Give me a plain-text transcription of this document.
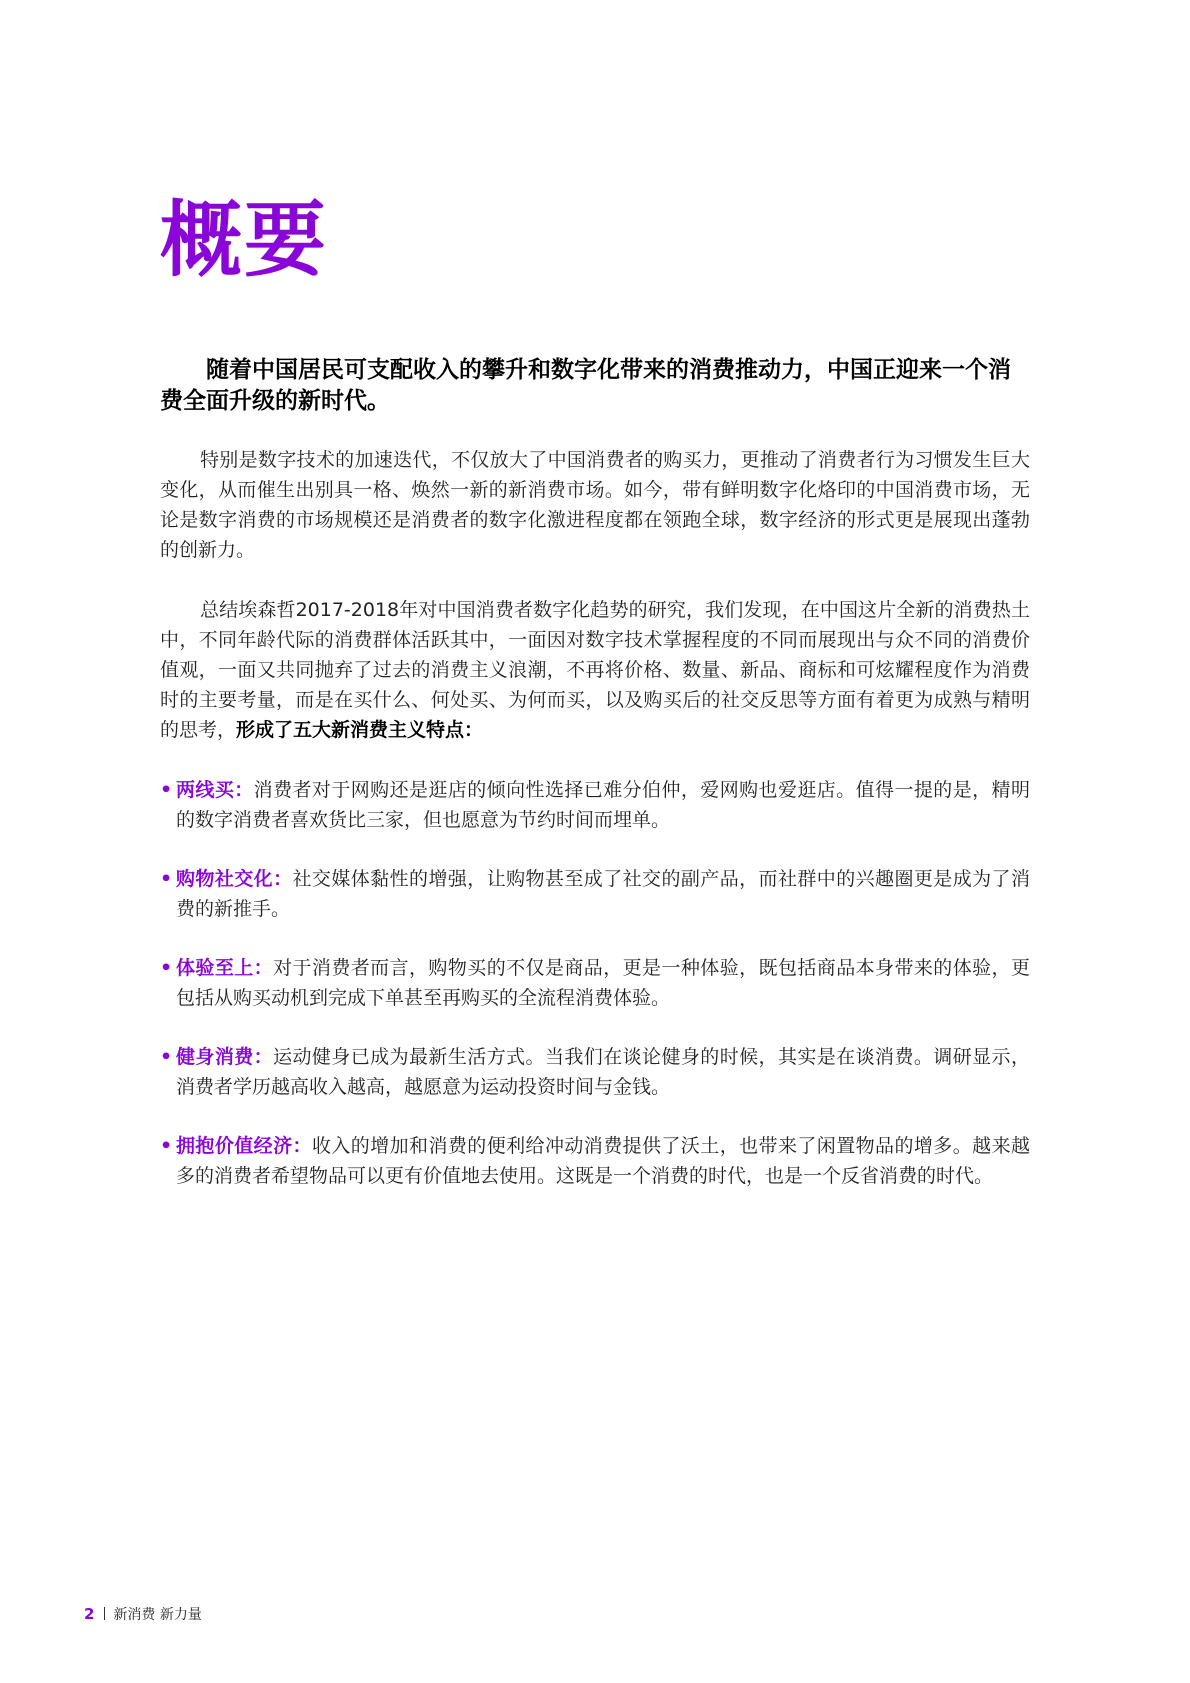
概要

随着中国居民可支配收入的攀升和数字化带来的消费推动力，中国正迎来一个消费全面升级的新时代。

特别是数字技术的加速迭代，不仅放大了中国消费者的购买力，更推动了消费者行为习惯发生巨大变化，从而催生出别具一格、焕然一新的新消费市场。如今，带有鲜明数字化烙印的中国消费市场，无论是数字消费的市场规模还是消费者的数字化激进程度都在领跑全球，数字经济的形式更是展现出蓬勃的创新力。

总结埃森哲2017-2018年对中国消费者数字化趋势的研究，我们发现，在中国这片全新的消费热土中，不同年龄代际的消费群体活跃其中，一面因对数字技术掌握程度的不同而展现出与众不同的消费价值观，一面又共同抛弃了过去的消费主义浪潮，不再将价格、数量、新品、商标和可炫耀程度作为消费时的主要考量，而是在买什么、何处买、为何而买，以及购买后的社交反思等方面有着更为成熟与精明的思考，形成了五大新消费主义特点：

• 两线买：消费者对于网购还是逛店的倾向性选择已难分伯仲，爱网购也爱逛店。值得一提的是，精明的数字消费者喜欢货比三家，但也愿意为节约时间而埋单。
• 购物社交化：社交媒体黏性的增强，让购物甚至成了社交的副产品，而社群中的兴趣圈更是成为了消费的新推手。
• 体验至上：对于消费者而言，购物买的不仅是商品，更是一种体验，既包括商品本身带来的体验，更包括从购买动机到完成下单甚至再购买的全流程消费体验。
• 健身消费：运动健身已成为最新生活方式。当我们在谈论健身的时候，其实是在谈消费。调研显示，消费者学历越高收入越高，越愿意为运动投资时间与金钱。
• 拥抱价值经济：收入的增加和消费的便利给冲动消费提供了沃土，也带来了闲置物品的增多。越来越多的消费者希望物品可以更有价值地去使用。这既是一个消费的时代，也是一个反省消费的时代。
2 新消费 新力量
